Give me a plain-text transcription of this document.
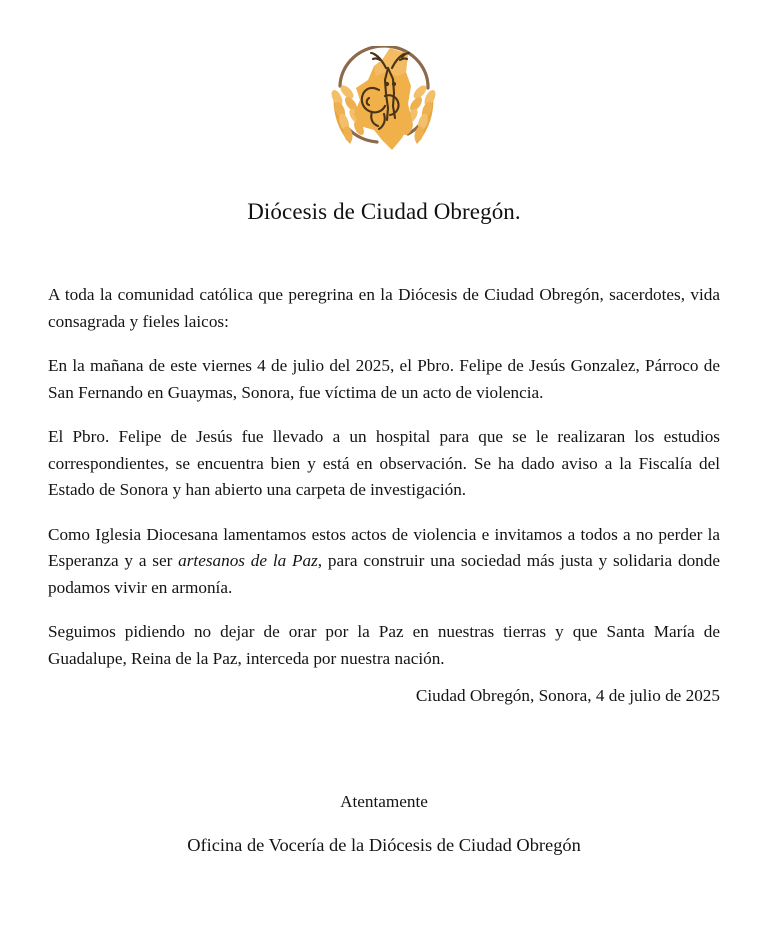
Diócesis de Ciudad Obregón.

A toda la comunidad católica que peregrina en la Diócesis de Ciudad Obregón, sacerdotes, vida consagrada y fieles laicos:

En la mañana de este viernes 4 de julio del 2025, el Pbro. Felipe de Jesús Gonzalez, Párroco de San Fernando en Guaymas, Sonora, fue víctima de un acto de violencia.

El Pbro. Felipe de Jesús fue llevado a un hospital para que se le realizaran los estudios correspondientes, se encuentra bien y está en observación. Se ha dado aviso a la Fiscalía del Estado de Sonora y han abierto una carpeta de investigación.

Como Iglesia Diocesana lamentamos estos actos de violencia e invitamos a todos a no perder la Esperanza y a ser artesanos de la Paz, para construir una sociedad más justa y solidaria donde podamos vivir en armonía.

Seguimos pidiendo no dejar de orar por la Paz en nuestras tierras y que Santa María de Guadalupe, Reina de la Paz, interceda por nuestra nación.

Ciudad Obregón, Sonora, 4 de julio de 2025
Atentamente
Oficina de Vocería de la Diócesis de Ciudad Obregón
